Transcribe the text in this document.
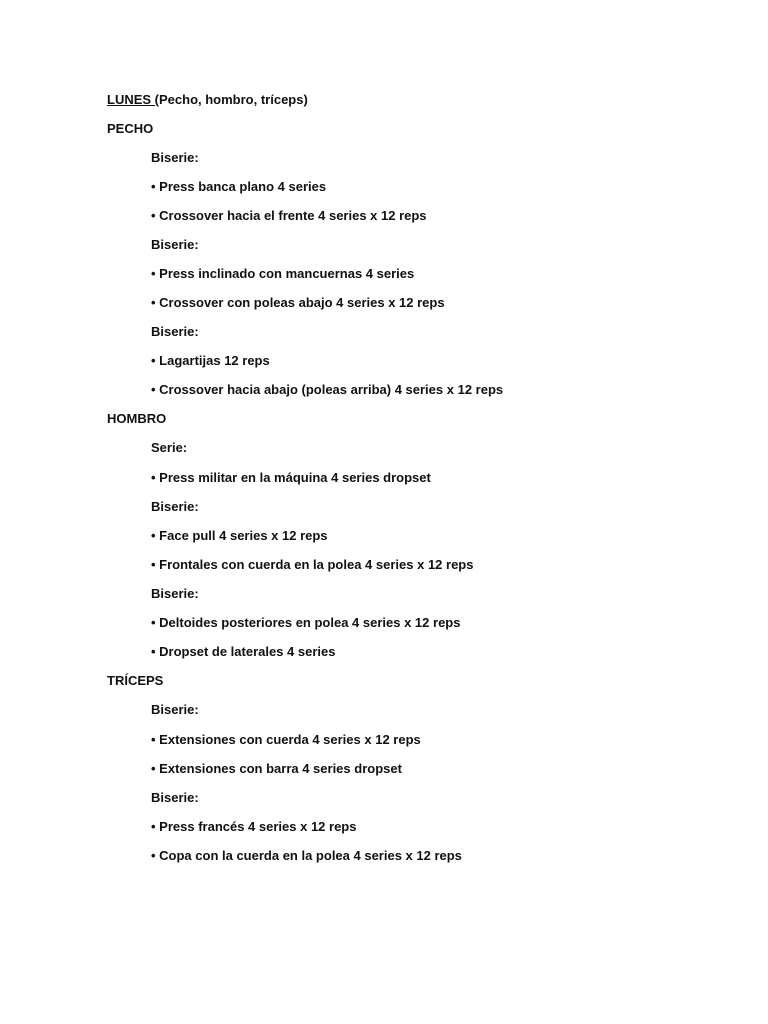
LUNES (Pecho, hombro, tríceps)
PECHO
Biserie:
• Press banca plano 4 series
• Crossover hacia el frente 4 series x 12 reps
Biserie:
• Press inclinado con mancuernas 4 series
• Crossover con poleas abajo 4 series x 12 reps
Biserie:
• Lagartijas 12 reps
• Crossover hacia abajo (poleas arriba) 4 series x 12 reps
HOMBRO
Serie:
• Press militar en la máquina 4 series dropset
Biserie:
• Face pull 4 series x 12 reps
• Frontales con cuerda en la polea 4 series x 12 reps
Biserie:
• Deltoides posteriores en polea 4 series x 12 reps
• Dropset de laterales 4 series
TRÍCEPS
Biserie:
• Extensiones con cuerda 4 series x 12 reps
• Extensiones con barra 4 series dropset
Biserie:
• Press francés 4 series x 12 reps
• Copa con la cuerda en la polea 4 series x 12 reps
